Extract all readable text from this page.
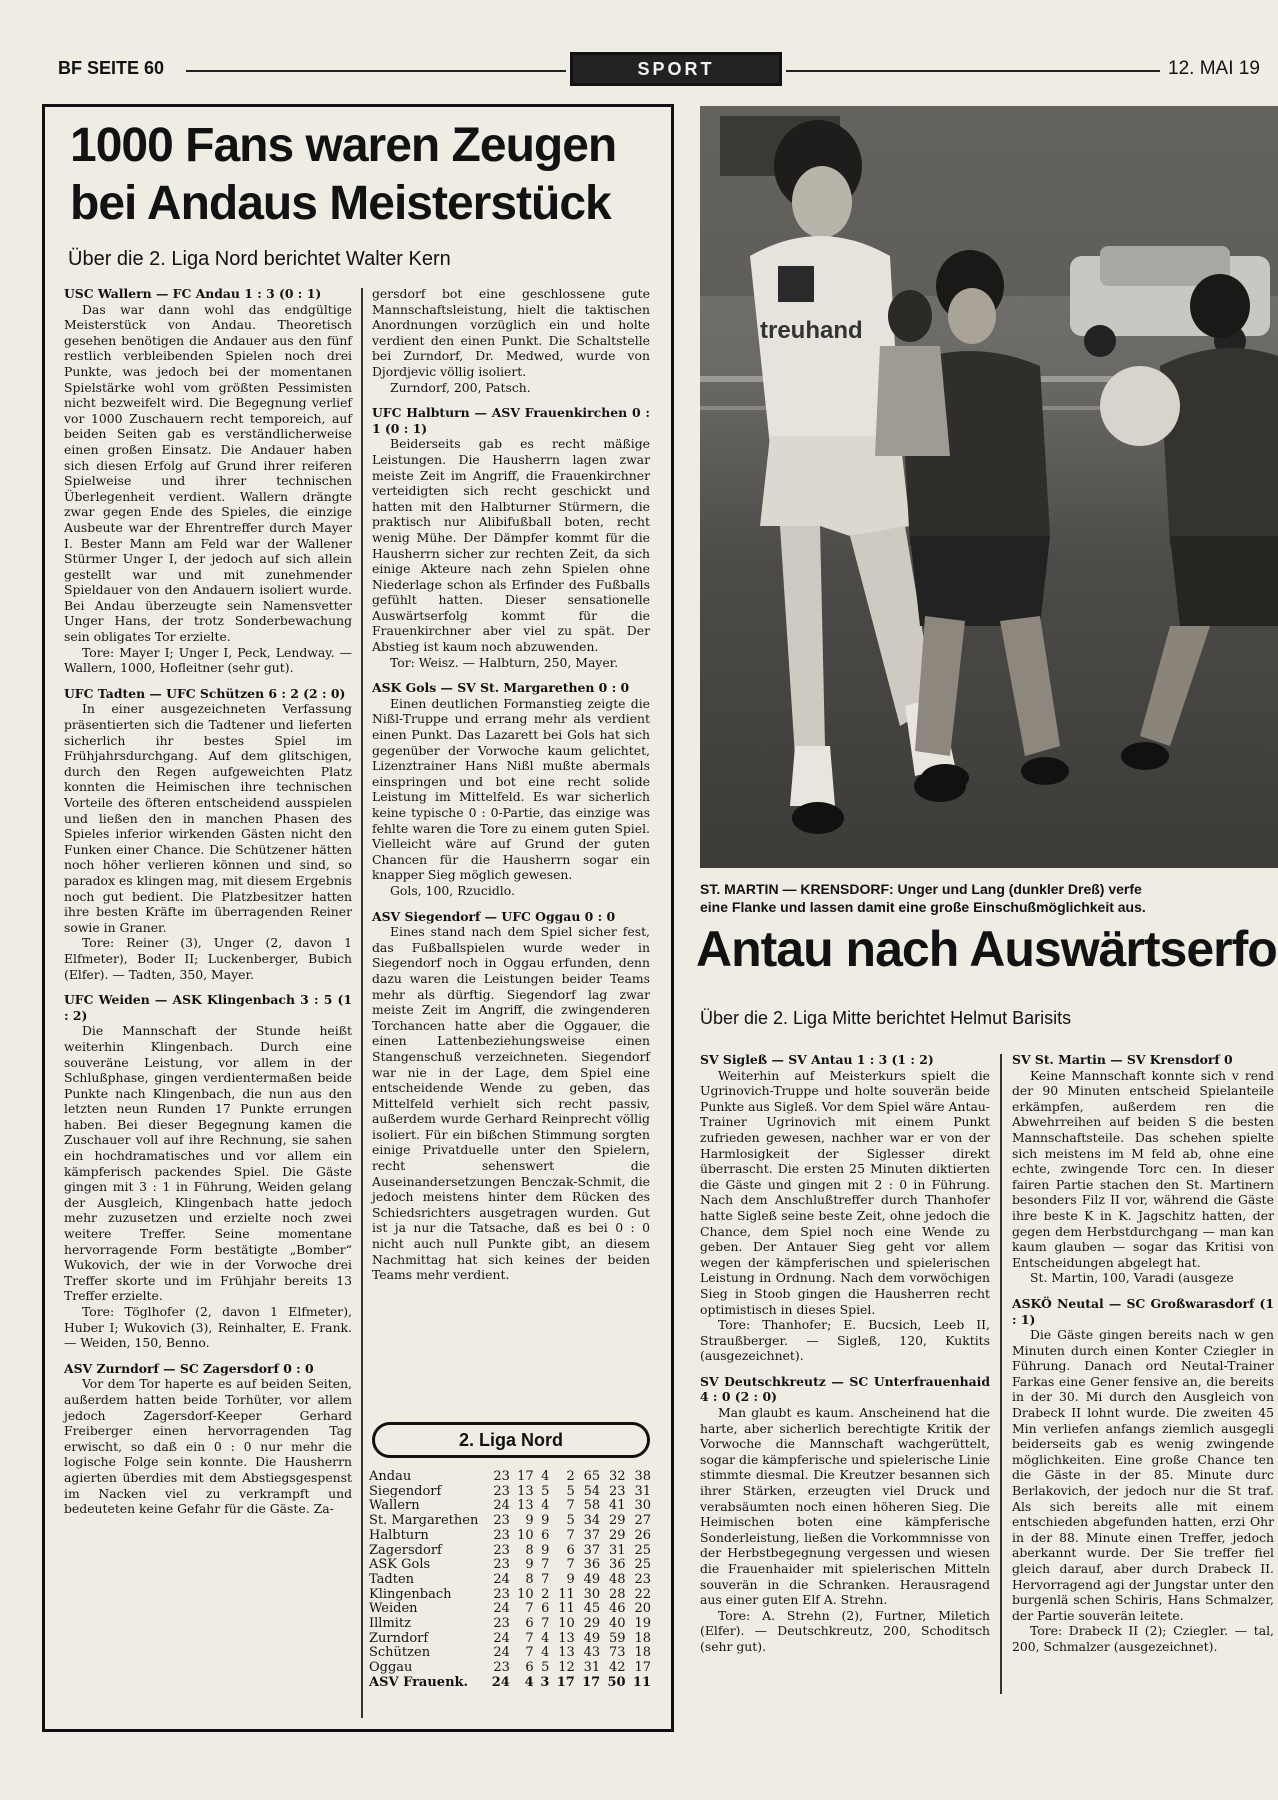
BF SEITE 60	SPORT	12. MAI 19
1000 Fans waren Zeugen
bei Andaus Meisterstück
Über die 2. Liga Nord berichtet Walter Kern

USC Wallern — FC Andau 1 : 3 (0 : 1)

Das war dann wohl das endgültige Meisterstück von Andau. Theoretisch gesehen benötigen die Andauer aus den fünf restlich verbleibenden Spielen noch drei Punkte, was jedoch bei der momentanen Spielstärke wohl vom größten Pessimisten nicht bezweifelt wird. Die Begegnung verlief vor 1000 Zuschauern recht temporeich, auf beiden Seiten gab es verständlicherweise einen großen Einsatz. Die Andauer haben sich diesen Erfolg auf Grund ihrer reiferen Spielweise und ihrer technischen Überlegenheit verdient. Wallern drängte zwar gegen Ende des Spieles, die einzige Ausbeute war der Ehrentreffer durch Mayer I. Bester Mann am Feld war der Wallener Stürmer Unger I, der jedoch auf sich allein gestellt war und mit zunehmender Spieldauer von den Andauern isoliert wurde. Bei Andau überzeugte sein Namensvetter Unger Hans, der trotz Sonderbewachung sein obligates Tor erzielte.

Tore: Mayer I; Unger I, Peck, Lendway. — Wallern, 1000, Hofleitner (sehr gut).

UFC Tadten — UFC Schützen 6 : 2 (2 : 0)

In einer ausgezeichneten Verfassung präsentierten sich die Tadtener und lieferten sicherlich ihr bestes Spiel im Frühjahrsdurchgang. Auf dem glitschigen, durch den Regen aufgeweichten Platz konnten die Heimischen ihre technischen Vorteile des öfteren entscheidend ausspielen und ließen den in manchen Phasen des Spieles inferior wirkenden Gästen nicht den Funken einer Chance. Die Schützener hätten noch höher verlieren können und sind, so paradox es klingen mag, mit diesem Ergebnis noch gut bedient. Die Platzbesitzer hatten ihre besten Kräfte im überragenden Reiner sowie in Graner.

Tore: Reiner (3), Unger (2, davon 1 Elfmeter), Boder II; Luckenberger, Bubich (Elfer). — Tadten, 350, Mayer.

UFC Weiden — ASK Klingenbach 3 : 5 (1 : 2)

Die Mannschaft der Stunde heißt weiterhin Klingenbach. Durch eine souveräne Leistung, vor allem in der Schlußphase, gingen verdientermaßen beide Punkte nach Klingenbach, die nun aus den letzten neun Runden 17 Punkte errungen haben. Bei dieser Begegnung kamen die Zuschauer voll auf ihre Rechnung, sie sahen ein hochdramatisches und vor allem ein kämpferisch packendes Spiel. Die Gäste gingen mit 3 : 1 in Führung, Weiden gelang der Ausgleich, Klingenbach hatte jedoch mehr zuzusetzen und erzielte noch zwei weitere Treffer. Seine momentane hervorragende Form bestätigte „Bomber“ Wukovich, der wie in der Vorwoche drei Treffer skorte und im Frühjahr bereits 13 Treffer erzielte.

Tore: Töglhofer (2, davon 1 Elfmeter), Huber I; Wukovich (3), Reinhalter, E. Frank. — Weiden, 150, Benno.

ASV Zurndorf — SC Zagersdorf 0 : 0

Vor dem Tor haperte es auf beiden Seiten, außerdem hatten beide Torhüter, vor allem jedoch Zagersdorf-Keeper Gerhard Freiberger einen hervorragenden Tag erwischt, so daß ein 0 : 0 nur mehr die logische Folge sein konnte. Die Hausherrn agierten überdies mit dem Abstiegsgespenst im Nacken viel zu verkrampft und bedeuteten keine Gefahr für die Gäste. Za-

gersdorf bot eine geschlossene gute Mannschaftsleistung, hielt die taktischen Anordnungen vorzüglich ein und holte verdient den einen Punkt. Die Schaltstelle bei Zurndorf, Dr. Medwed, wurde von Djordjevic völlig isoliert.

Zurndorf, 200, Patsch.

UFC Halbturn — ASV Frauenkirchen 0 : 1 (0 : 1)

Beiderseits gab es recht mäßige Leistungen. Die Hausherrn lagen zwar meiste Zeit im Angriff, die Frauenkirchner verteidigten sich recht geschickt und hatten mit den Halbturner Stürmern, die praktisch nur Alibifußball boten, recht wenig Mühe. Der Dämpfer kommt für die Hausherrn sicher zur rechten Zeit, da sich einige Akteure nach zehn Spielen ohne Niederlage schon als Erfinder des Fußballs gefühlt hatten. Dieser sensationelle Auswärtserfolg kommt für die Frauenkirchner aber viel zu spät. Der Abstieg ist kaum noch abzuwenden.

Tor: Weisz. — Halbturn, 250, Mayer.

ASK Gols — SV St. Margarethen 0 : 0

Einen deutlichen Formanstieg zeigte die Nißl-Truppe und errang mehr als verdient einen Punkt. Das Lazarett bei Gols hat sich gegenüber der Vorwoche kaum gelichtet, Lizenztrainer Hans Nißl mußte abermals einspringen und bot eine recht solide Leistung im Mittelfeld. Es war sicherlich keine typische 0 : 0-Partie, das einzige was fehlte waren die Tore zu einem guten Spiel. Vielleicht wäre auf Grund der guten Chancen für die Hausherrn sogar ein knapper Sieg möglich gewesen.

Gols, 100, Rzucidlo.

ASV Siegendorf — UFC Oggau 0 : 0

Eines stand nach dem Spiel sicher fest, das Fußballspielen wurde weder in Siegendorf noch in Oggau erfunden, denn dazu waren die Leistungen beider Teams mehr als dürftig. Siegendorf lag zwar meiste Zeit im Angriff, die zwingenderen Torchancen hatte aber die Oggauer, die einen Lattenbeziehungsweise einen Stangenschuß verzeichneten. Siegendorf war nie in der Lage, dem Spiel eine entscheidende Wende zu geben, das Mittelfeld verhielt sich recht passiv, außerdem wurde Gerhard Reinprecht völlig isoliert. Für ein bißchen Stimmung sorgten einige Privatduelle unter den Spielern, recht sehenswert die Auseinandersetzungen Benczak-Schmit, die jedoch meistens hinter dem Rücken des Schiedsrichters ausgetragen wurden. Gut ist ja nur die Tatsache, daß es bei 0 : 0 nicht auch null Punkte gibt, an diesem Nachmittag hat sich keines der beiden Teams mehr verdient.

2. Liga Nord
Andau	23	17	4	2	65	32	38
Siegendorf	23	13	5	5	54	23	31
Wallern	24	13	4	7	58	41	30
St. Margarethen	23	9	9	5	34	29	27
Halbturn	23	10	6	7	37	29	26
Zagersdorf	23	8	9	6	37	31	25
ASK Gols	23	9	7	7	36	36	25
Tadten	24	8	7	9	49	48	23
Klingenbach	23	10	2	11	30	28	22
Weiden	24	7	6	11	45	46	20
Illmitz	23	6	7	10	29	40	19
Zurndorf	24	7	4	13	49	59	18
Schützen	24	7	4	13	43	73	18
Oggau	23	6	5	12	31	42	17
ASV Frauenk.	24	4	3	17	17	50	11
treuhand
ST. MARTIN — KRENSDORF: Unger und Lang (dunkler Dreß) verfe
eine Flanke und lassen damit eine große Einschußmöglichkeit aus.
Antau nach Auswärtserfo
Über die 2. Liga Mitte berichtet Helmut Barisits

SV Sigleß — SV Antau 1 : 3 (1 : 2)

Weiterhin auf Meisterkurs spielt die Ugrinovich-Truppe und holte souverän beide Punkte aus Sigleß. Vor dem Spiel wäre Antau-Trainer Ugrinovich mit einem Punkt zufrieden gewesen, nachher war er von der Harmlosigkeit der Siglesser direkt überrascht. Die ersten 25 Minuten diktierten die Gäste und gingen mit 2 : 0 in Führung. Nach dem Anschlußtreffer durch Thanhofer hatte Sigleß seine beste Zeit, ohne jedoch die Chance, dem Spiel noch eine Wende zu geben. Der Antauer Sieg geht vor allem wegen der kämpferischen und spielerischen Leistung in Ordnung. Nach dem vorwöchigen Sieg in Stoob gingen die Hausherren recht optimistisch in dieses Spiel.

Tore: Thanhofer; E. Bucsich, Leeb II, Straußberger. — Sigleß, 120, Kuktits (ausgezeichnet).

SV Deutschkreutz — SC Unterfrauenhaid 4 : 0 (2 : 0)

Man glaubt es kaum. Anscheinend hat die harte, aber sicherlich berechtigte Kritik der Vorwoche die Mannschaft wachgerüttelt, sogar die kämpferische und spielerische Linie stimmte diesmal. Die Kreutzer besannen sich ihrer Stärken, erzeugten viel Druck und verabsäumten noch einen höheren Sieg. Die Heimischen boten eine kämpferische Sonderleistung, ließen die Vorkommnisse von der Herbstbegegnung vergessen und wiesen die Frauenhaider mit spielerischen Mitteln souverän in die Schranken. Herausragend aus einer guten Elf A. Strehn.

Tore: A. Strehn (2), Furtner, Miletich (Elfer). — Deutschkreutz, 200, Schoditsch (sehr gut).

SV St. Martin — SV Krensdorf 0

Keine Mannschaft konnte sich v rend der 90 Minuten entscheid Spielanteile erkämpfen, außerdem ren die Abwehrreihen auf beiden S die besten Mannschaftsteile. Das schehen spielte sich meistens im M feld ab, ohne eine echte, zwingende Torc cen. In dieser fairen Partie stachen den St. Martinern besonders Filz II vor, während die Gäste ihre beste K in K. Jagschitz hatten, der gegen dem Herbstdurchgang — man kan kaum glauben — sogar das Kritisi von Entscheidungen abgelegt hat.

St. Martin, 100, Varadi (ausgeze

ASKÖ Neutal — SC Großwarasdorf (1 : 1)

Die Gäste gingen bereits nach w gen Minuten durch einen Konter Cziegler in Führung. Danach ord Neutal-Trainer Farkas eine Gener fensive an, die bereits in der 30. Mi durch den Ausgleich von Drabeck II lohnt wurde. Die zweiten 45 Min verliefen anfangs ziemlich ausgegli beiderseits gab es wenig zwingende möglichkeiten. Eine große Chance ten die Gäste in der 85. Minute durc Berlakovich, der jedoch nur die St traf. Als sich bereits alle mit einem entschieden abgefunden hatten, erzi Ohr in der 88. Minute einen Treffer, jedoch aberkannt wurde. Der Sie treffer fiel gleich darauf, aber durch Drabeck II. Hervorragend agi der Jungstar unter den burgenlä schen Schiris, Hans Schmalzer, der Partie souverän leitete.

Tore: Drabeck II (2); Cziegler. — tal, 200, Schmalzer (ausgezeichnet).
